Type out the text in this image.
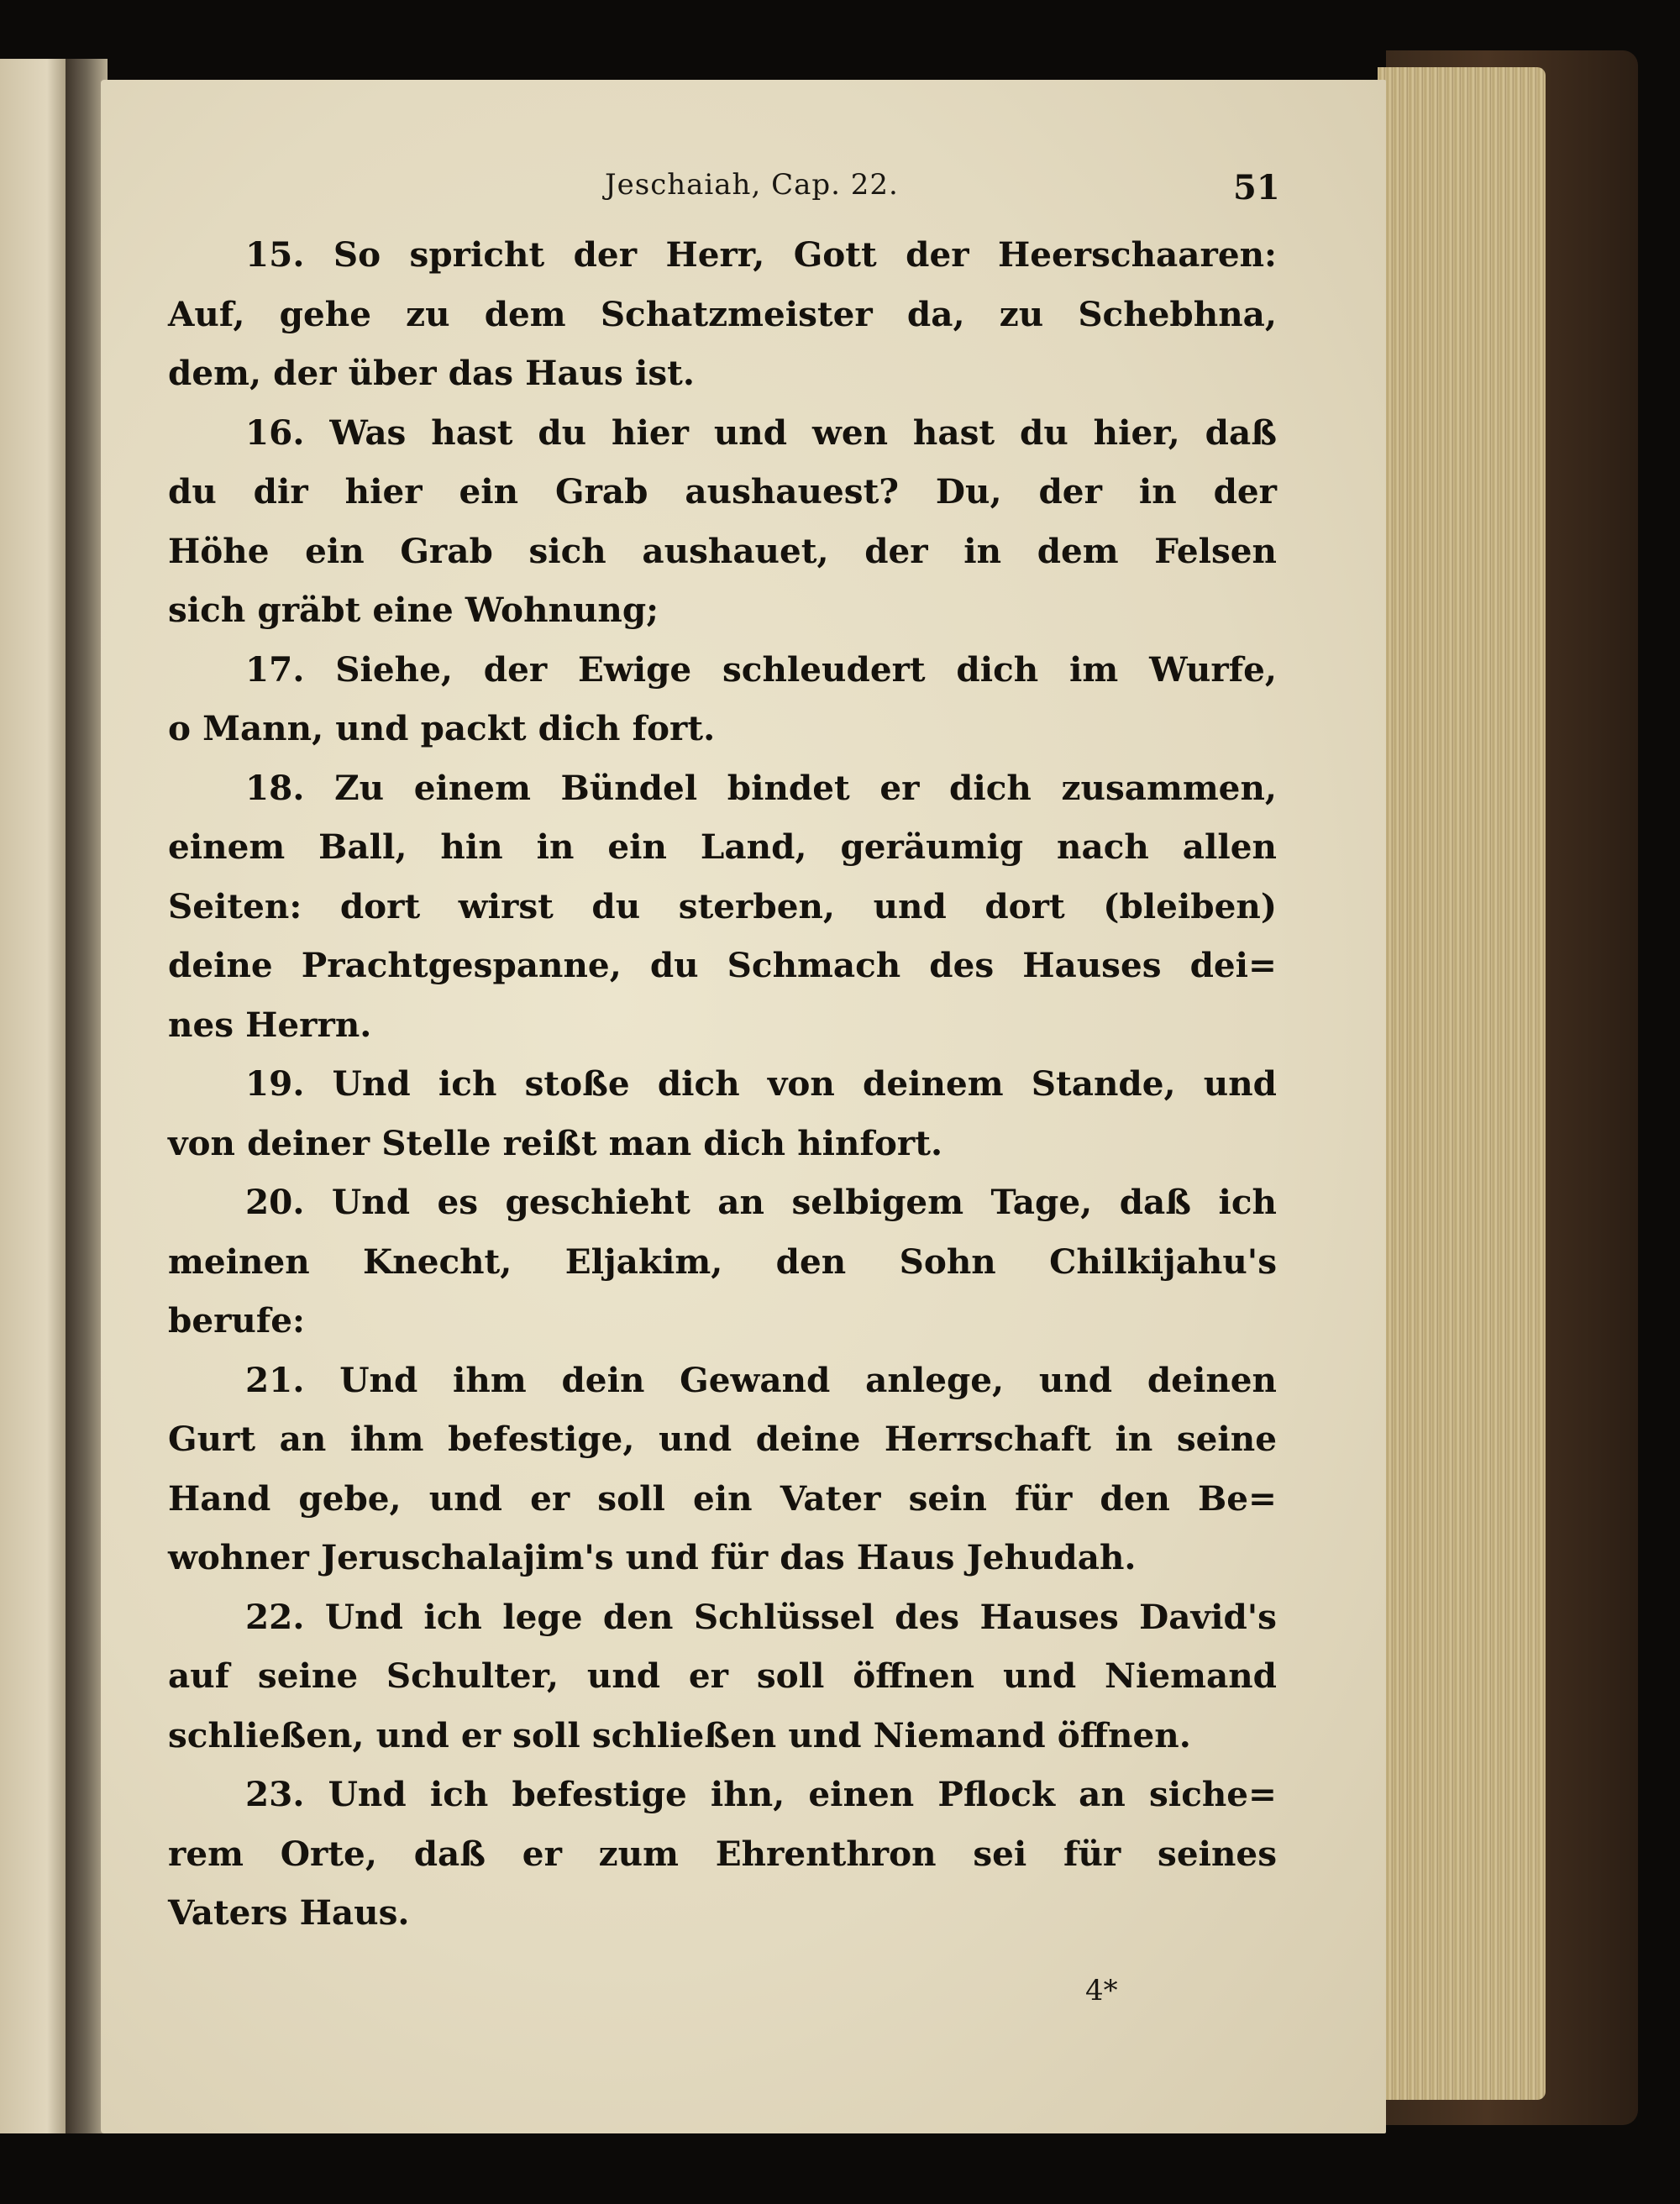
Jeschaiah, Cap. 22.	51
15. So spricht der Herr, Gott der Heerschaaren:
Auf, gehe zu dem Schatzmeister da, zu Schebhna,
dem, der über das Haus ist.
16. Was hast du hier und wen hast du hier, daß
du dir hier ein Grab aushauest? Du, der in der
Höhe ein Grab sich aushauet, der in dem Felsen
sich gräbt eine Wohnung;
17. Siehe, der Ewige schleudert dich im Wurfe,
o Mann, und packt dich fort.
18. Zu einem Bündel bindet er dich zusammen,
einem Ball, hin in ein Land, geräumig nach allen
Seiten: dort wirst du sterben, und dort (bleiben)
deine Prachtgespanne, du Schmach des Hauses dei=
nes Herrn.
19. Und ich stoße dich von deinem Stande, und
von deiner Stelle reißt man dich hinfort.
20. Und es geschieht an selbigem Tage, daß ich
meinen Knecht, Eljakim, den Sohn Chilkijahu's
berufe:
21. Und ihm dein Gewand anlege, und deinen
Gurt an ihm befestige, und deine Herrschaft in seine
Hand gebe, und er soll ein Vater sein für den Be=
wohner Jeruschalajim's und für das Haus Jehudah.
22. Und ich lege den Schlüssel des Hauses David's
auf seine Schulter, und er soll öffnen und Niemand
schließen, und er soll schließen und Niemand öffnen.
23. Und ich befestige ihn, einen Pflock an siche=
rem Orte, daß er zum Ehrenthron sei für seines
Vaters Haus.
4*
